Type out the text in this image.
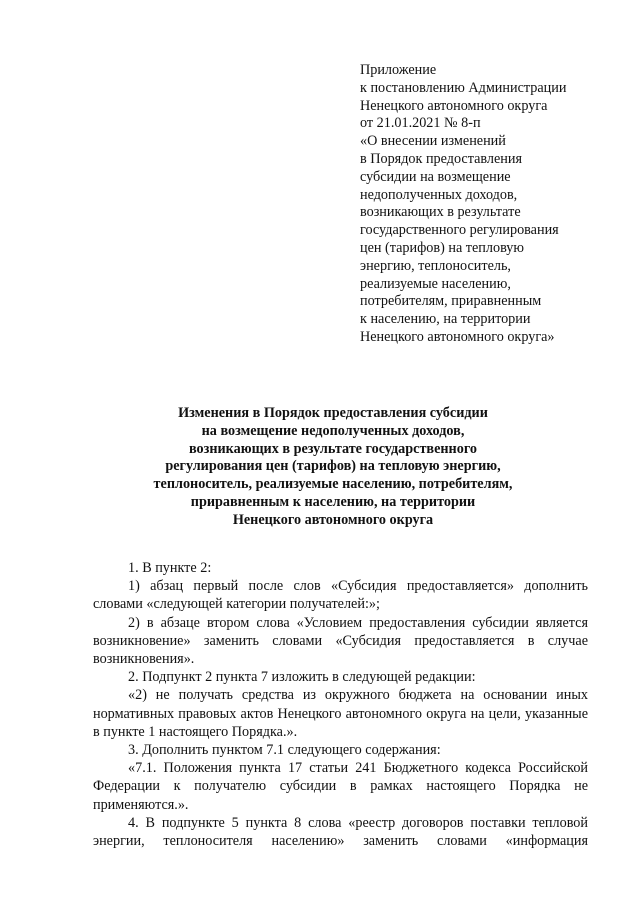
Приложение
к постановлению Администрации
Ненецкого автономного округа
от 21.01.2021 № 8-п
«О внесении изменений
в Порядок предоставления
субсидии на возмещение
недополученных доходов,
возникающих в результате
государственного регулирования
цен (тарифов) на тепловую
энергию, теплоноситель,
реализуемые населению,
потребителям, приравненным
к населению, на территории
Ненецкого автономного округа»
Изменения в Порядок предоставления субсидии
на возмещение недополученных доходов,
возникающих в результате государственного
регулирования цен (тарифов) на тепловую энергию,
теплоноситель, реализуемые населению, потребителям,
приравненным к населению, на территории
Ненецкого автономного округа

1. В пункте 2:

1) абзац первый после слов «Субсидия предоставляется» дополнить словами «следующей категории получателей:»;

2) в абзаце втором слова «Условием предоставления субсидии является возникновение» заменить словами «Субсидия предоставляется в случае возникновения».

2. Подпункт 2 пункта 7 изложить в следующей редакции:

«2) не получать средства из окружного бюджета на основании иных нормативных правовых актов Ненецкого автономного округа на цели, указанные в пункте 1 настоящего Порядка.».

3. Дополнить пунктом 7.1 следующего содержания:

«7.1. Положения пункта 17 статьи 241 Бюджетного кодекса Российской Федерации к получателю субсидии в рамках настоящего Порядка не применяются.».

4. В подпункте 5 пункта 8 слова «реестр договоров поставки тепловой энергии, теплоносителя населению» заменить словами «информация
